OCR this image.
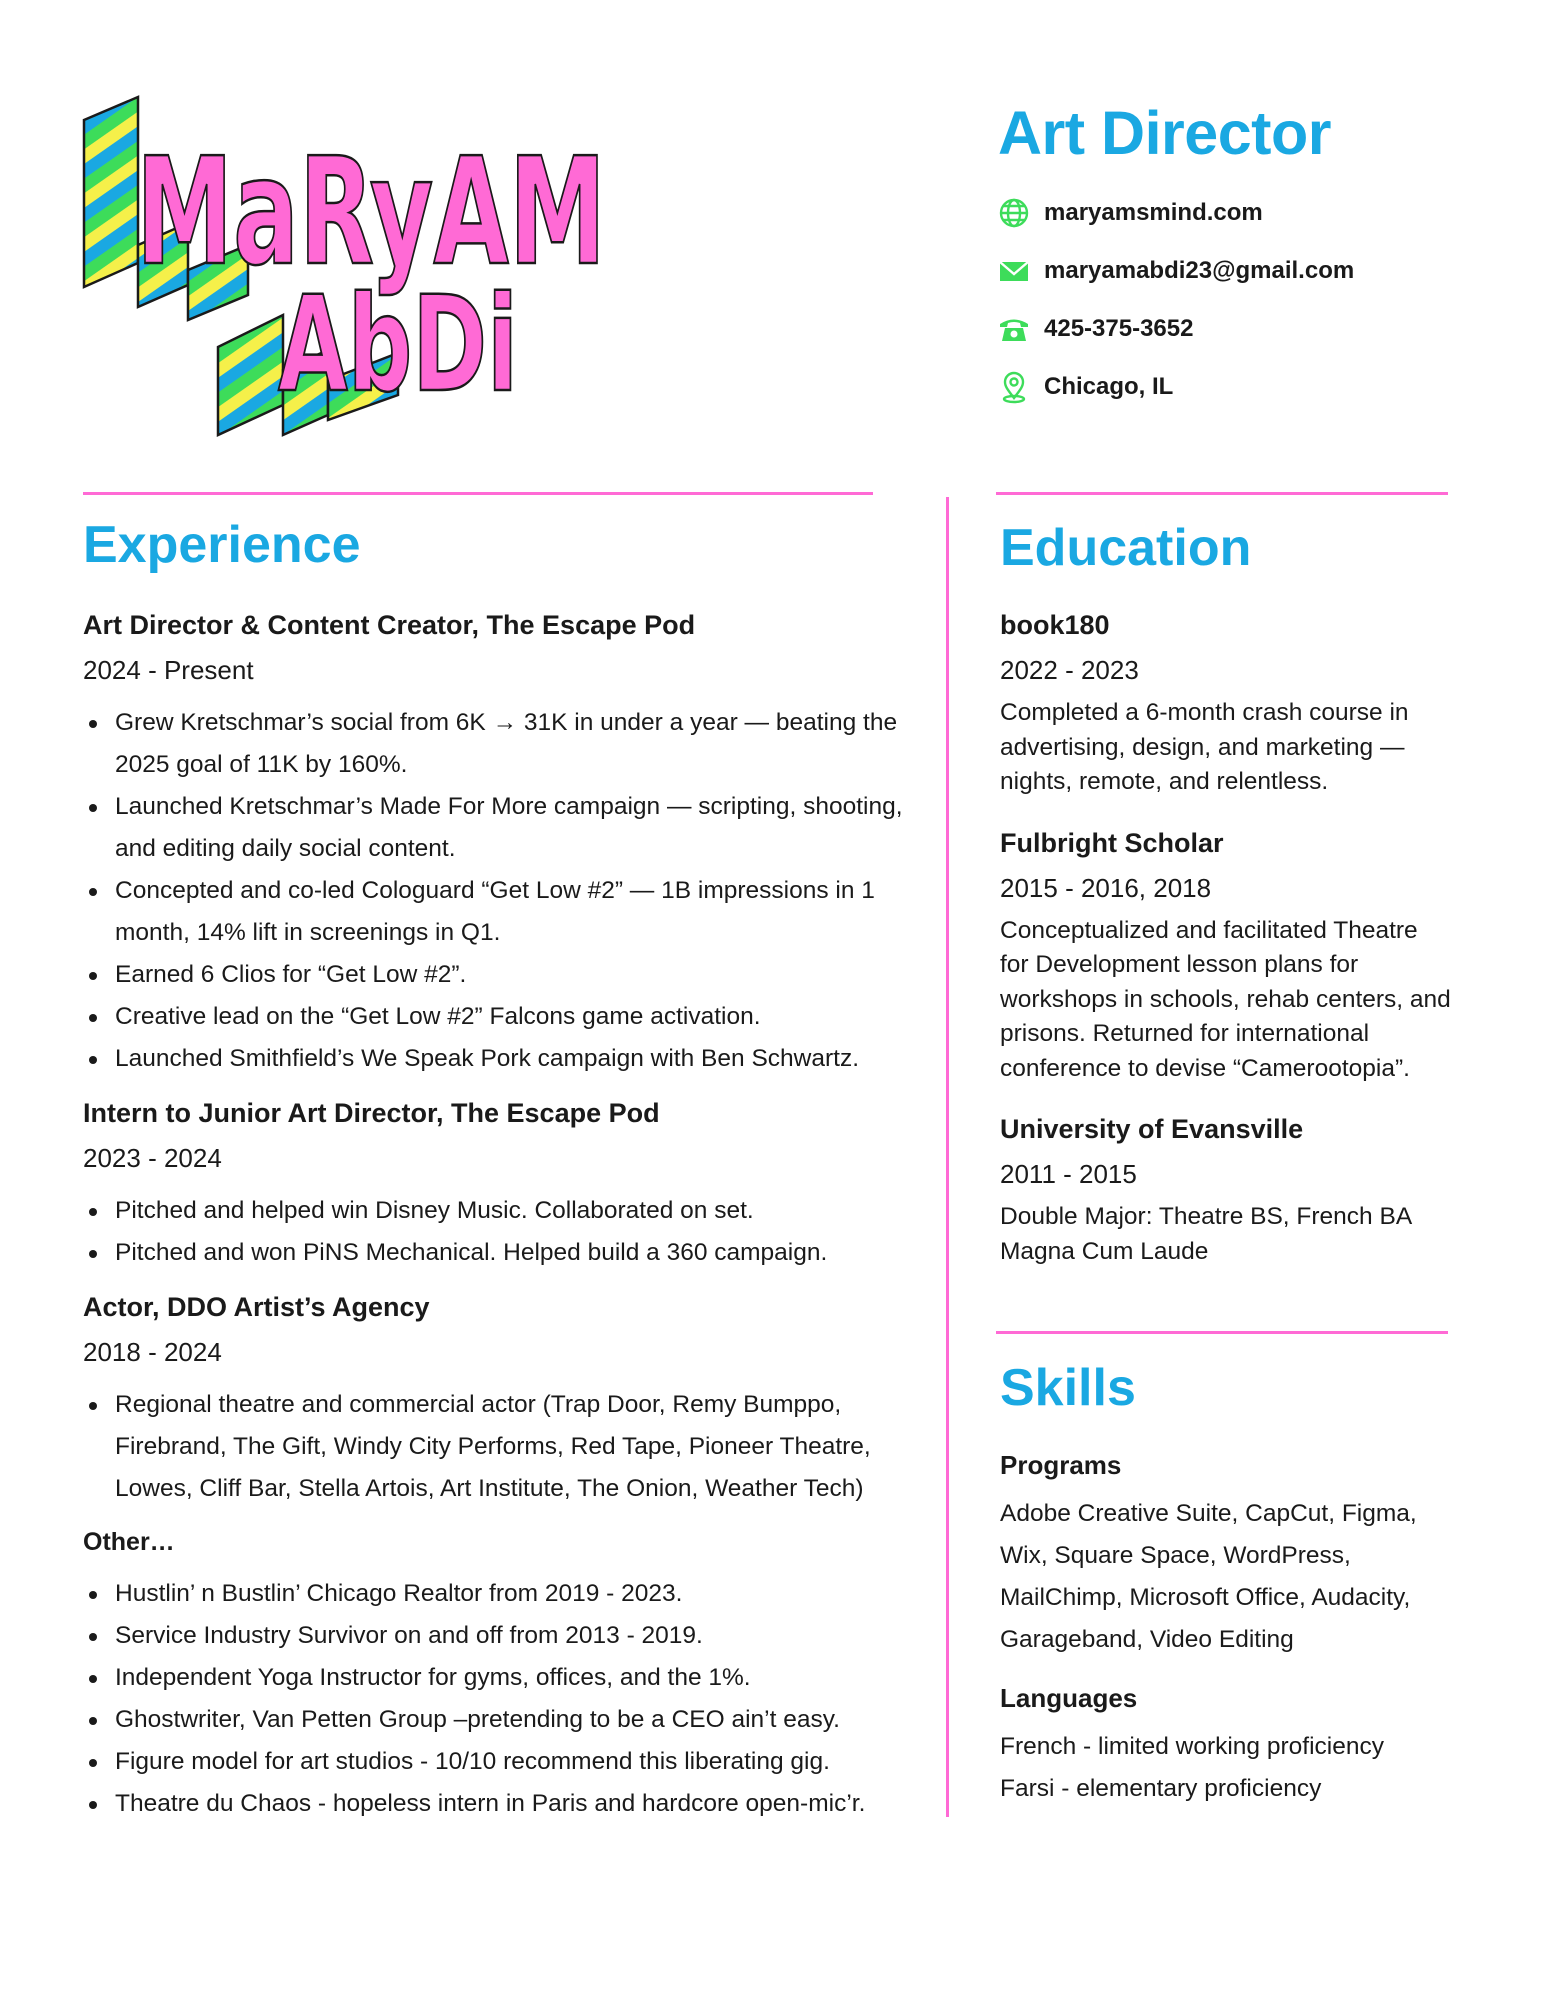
MaRyAM
AbDi
Art Director
maryamsmind.com
maryamabdi23@gmail.com
425-375-3652
Chicago, IL
Experience

Art Director & Content Creator, The Escape Pod

2024 - Present
Grew Kretschmar’s social from 6K → 31K in under a year — beating the 2025 goal of 11K by 160%.
Launched Kretschmar’s Made For More campaign — scripting, shooting, and editing daily social content.
Concepted and co-led Cologuard “Get Low #2” — 1B impressions in 1 month, 14% lift in screenings in Q1.
Earned 6 Clios for “Get Low #2”.
Creative lead on the “Get Low #2” Falcons game activation.
Launched Smithfield’s We Speak Pork campaign with Ben Schwartz.

Intern to Junior Art Director, The Escape Pod

2023 - 2024
Pitched and helped win Disney Music. Collaborated on set.
Pitched and won PiNS Mechanical. Helped build a 360 campaign.

Actor, DDO Artist’s Agency

2018 - 2024
Regional theatre and commercial actor (Trap Door, Remy Bumppo, Firebrand, The Gift, Windy City Performs, Red Tape, Pioneer Theatre, Lowes, Cliff Bar, Stella Artois, Art Institute, The Onion, Weather Tech)

Other…

Hustlin’ n Bustlin’ Chicago Realtor from 2019 - 2023.
Service Industry Survivor on and off from 2013 - 2019.
Independent Yoga Instructor for gyms, offices, and the 1%.
Ghostwriter, Van Petten Group –pretending to be a CEO ain’t easy.
Figure model for art studios - 10/10 recommend this liberating gig.
Theatre du Chaos - hopeless intern in Paris and hardcore open-mic’r.
Education

book180

2022 - 2023
Completed a 6-month crash course in
advertising, design, and marketing —
nights, remote, and relentless.

Fulbright Scholar

2015 - 2016, 2018
Conceptualized and facilitated Theatre
for Development lesson plans for
workshops in schools, rehab centers, and
prisons. Returned for international
conference to devise “Camerootopia”.

University of Evansville

2011 - 2015
Double Major: Theatre BS, French BA
Magna Cum Laude
Skills

Programs

Adobe Creative Suite, CapCut, Figma,
Wix, Square Space, WordPress,
MailChimp, Microsoft Office, Audacity,
Garageband, Video Editing

Languages

French - limited working proficiency
Farsi - elementary proficiency
